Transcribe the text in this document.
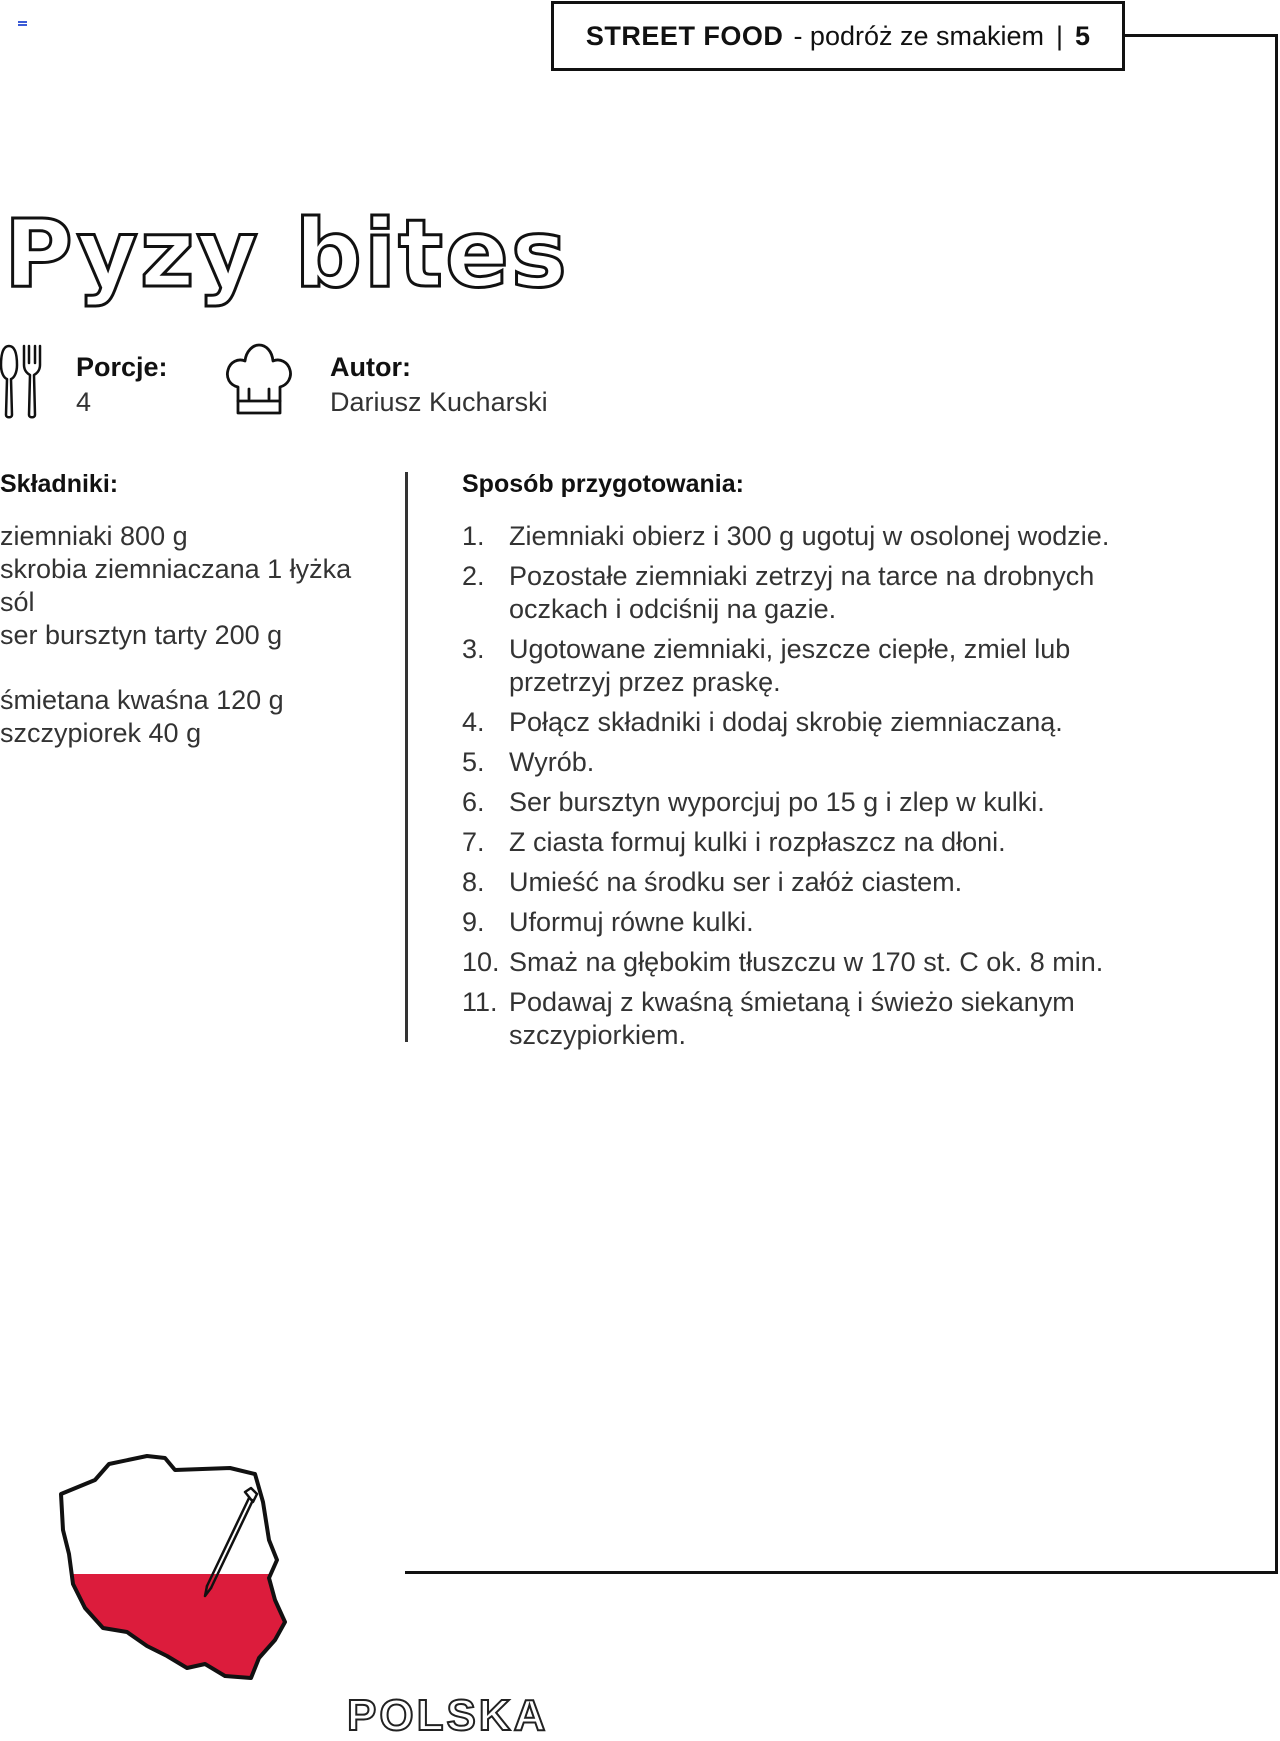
STREET FOOD - podróż ze smakiem | 5
Pyzy bites
Porcje:
4
Autor:
Dariusz Kucharski
Składniki:
ziemniaki 800 g
skrobia ziemniaczana 1 łyżka
sól
ser bursztyn tarty 200 g
śmietana kwaśna 120 g
szczypiorek 40 g
Sposób przygotowania:
1. Ziemniaki obierz i 300 g ugotuj w osolonej wodzie.
2. Pozostałe ziemniaki zetrzyj na tarce na drobnych oczkach i odciśnij na gazie.
3. Ugotowane ziemniaki, jeszcze ciepłe, zmiel lub przetrzyj przez praskę.
4. Połącz składniki i dodaj skrobię ziemniaczaną.
5. Wyrób.
6. Ser bursztyn wyporcjuj po 15 g i zlep w kulki.
7. Z ciasta formuj kulki i rozpłaszcz na dłoni.
8. Umieść na środku ser i załóż ciastem.
9. Uformuj równe kulki.
10. Smaż na głębokim tłuszczu w 170 st. C ok. 8 min.
11. Podawaj z kwaśną śmietaną i świeżo siekanym szczypiorkiem.
POLSKA
